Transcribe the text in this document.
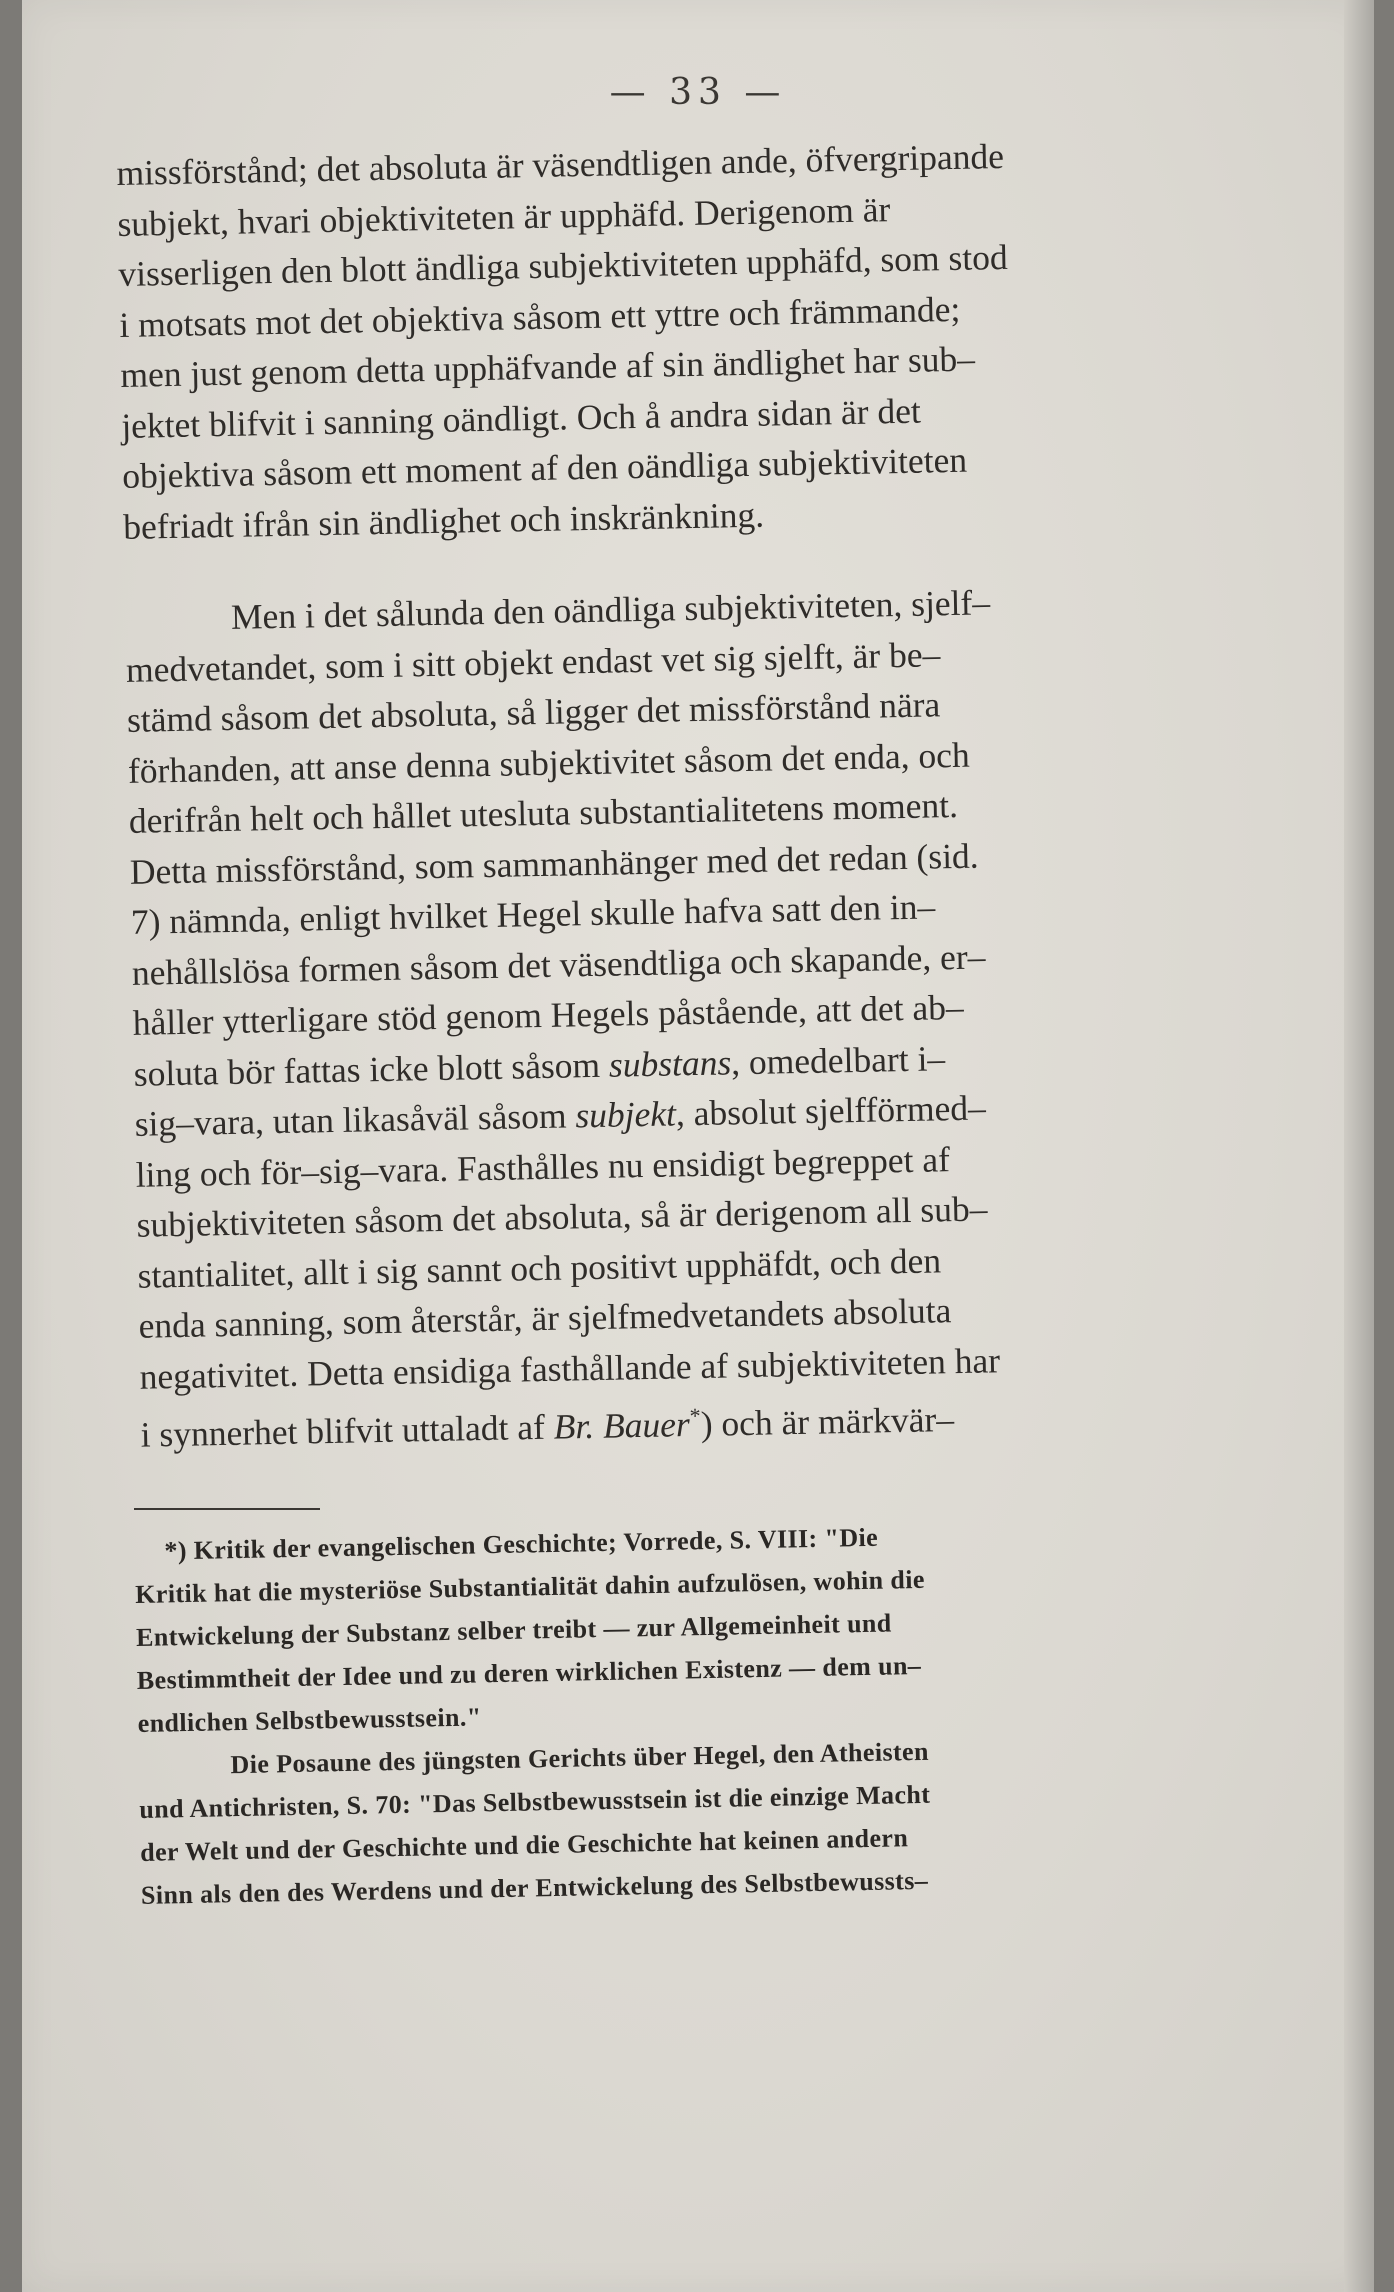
— 33 —

missförstånd; det absoluta är väsendtligen ande, öfvergripande
subjekt, hvari objektiviteten är upphäfd. Derigenom är
visserligen den blott ändliga subjektiviteten upphäfd, som stod
i motsats mot det objektiva såsom ett yttre och främmande;
men just genom detta upphäfvande af sin ändlighet har sub–
jektet blifvit i sanning oändligt. Och å andra sidan är det
objektiva såsom ett moment af den oändliga subjektiviteten
befriadt ifrån sin ändlighet och inskränkning.

Men i det sålunda den oändliga subjektiviteten, sjelf–
medvetandet, som i sitt objekt endast vet sig sjelft, är be–
stämd såsom det absoluta, så ligger det missförstånd nära
förhanden, att anse denna subjektivitet såsom det enda, och
derifrån helt och hållet utesluta substantialitetens moment.
Detta missförstånd, som sammanhänger med det redan (sid.
7) nämnda, enligt hvilket Hegel skulle hafva satt den in–
nehållslösa formen såsom det väsendtliga och skapande, er–
håller ytterligare stöd genom Hegels påstående, att det ab–
soluta bör fattas icke blott såsom substans, omedelbart i–
sig–vara, utan likasåväl såsom subjekt, absolut sjelfförmed–
ling och för–sig–vara. Fasthålles nu ensidigt begreppet af
subjektiviteten såsom det absoluta, så är derigenom all sub–
stantialitet, allt i sig sannt och positivt upphäfdt, och den
enda sanning, som återstår, är sjelfmedvetandets absoluta
negativitet. Detta ensidiga fasthållande af subjektiviteten har
i synnerhet blifvit uttaladt af Br. Bauer*) och är märkvär–

*) Kritik der evangelischen Geschichte; Vorrede, S. VIII: "Die
Kritik hat die mysteriöse Substantialität dahin aufzulösen, wohin die
Entwickelung der Substanz selber treibt — zur Allgemeinheit und
Bestimmtheit der Idee und zu deren wirklichen Existenz — dem un–
endlichen Selbstbewusstsein."

Die Posaune des jüngsten Gerichts über Hegel, den Atheisten
und Antichristen, S. 70: "Das Selbstbewusstsein ist die einzige Macht
der Welt und der Geschichte und die Geschichte hat keinen andern
Sinn als den des Werdens und der Entwickelung des Selbstbewussts–
